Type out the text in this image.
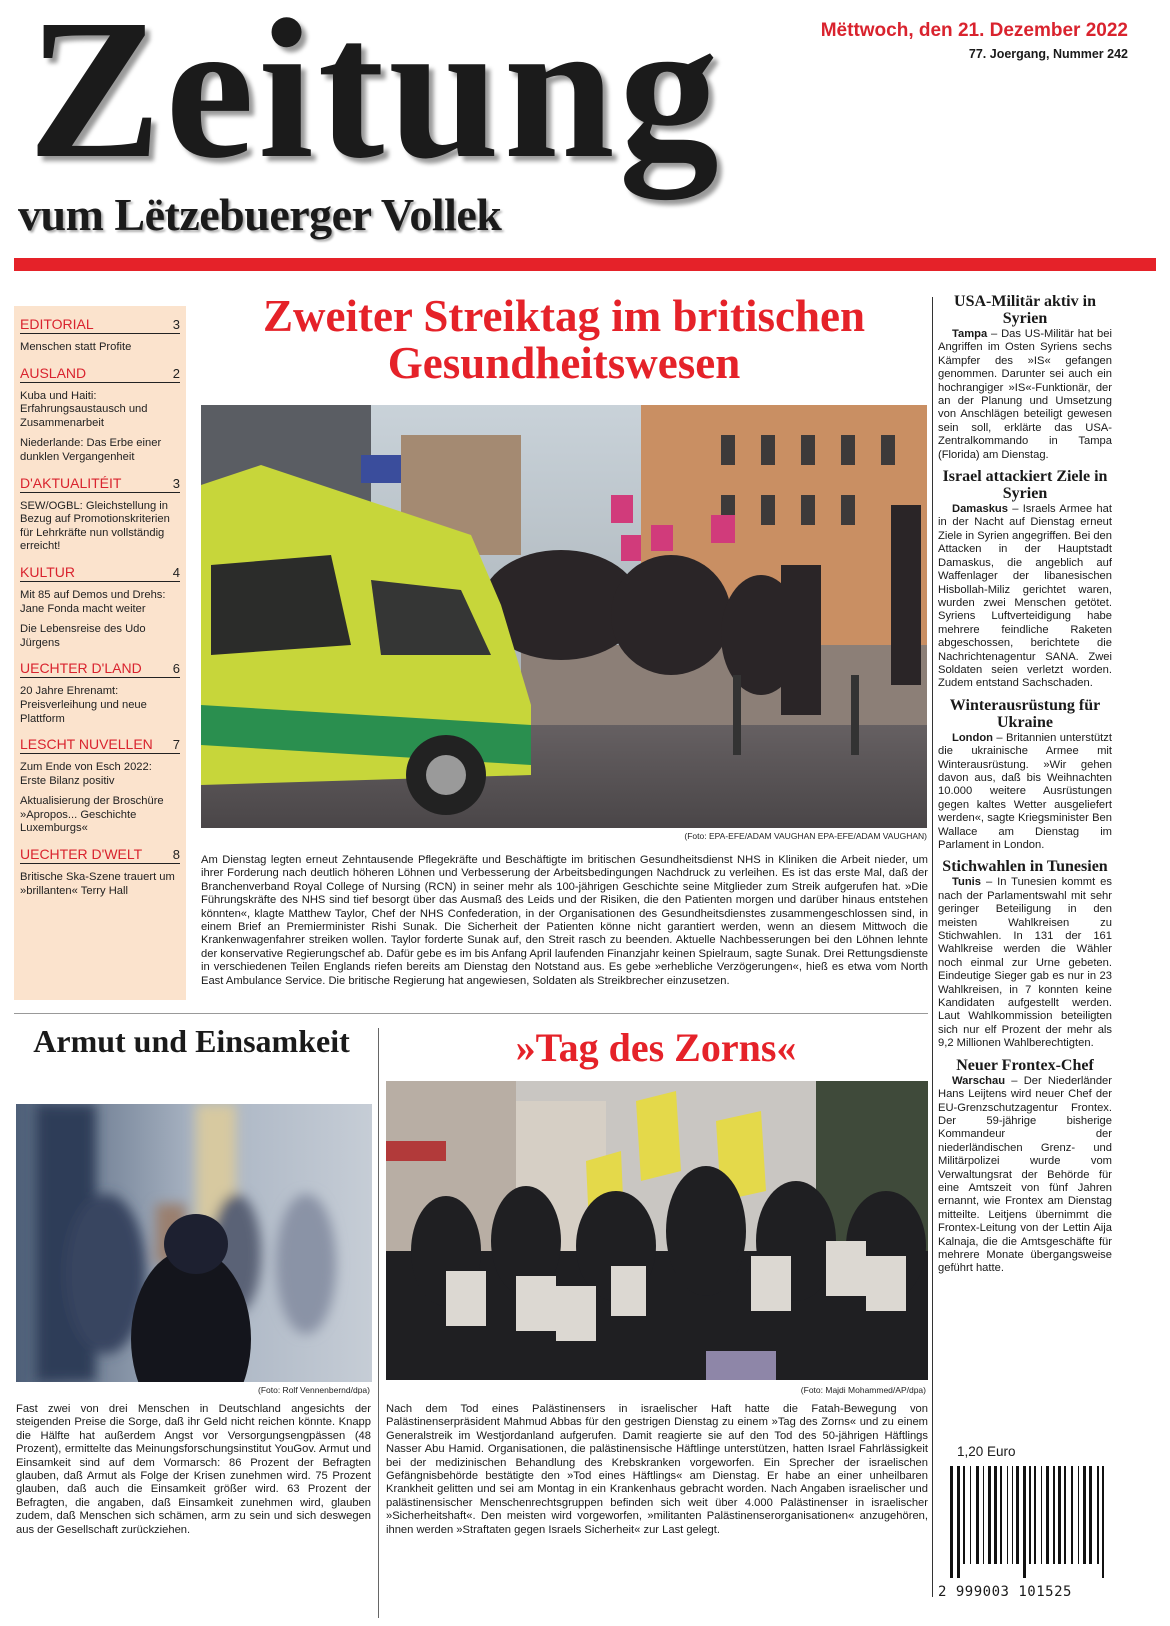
Zeitung
vum Lëtzebuerger Vollek
Mëttwoch, den 21. Dezember 2022
77. Joergang, Nummer 242
EDITORIAL	3
Menschen statt Profite
AUSLAND	2
Kuba und Haiti: Erfahrungsaustausch und Zusammenarbeit
Niederlande: Das Erbe einer dunklen Vergangenheit
D'AKTUALITÉIT	3
SEW/OGBL: Gleichstellung in Bezug auf Promotionskriterien für Lehrkräfte nun vollständig erreicht!
KULTUR	4
Mit 85 auf Demos und Drehs: Jane Fonda macht weiter
Die Lebensreise des Udo Jürgens
UECHTER D'LAND 6
20 Jahre Ehrenamt: Preisverleihung und neue Plattform
LESCHT NUVELLEN 7
Zum Ende von Esch 2022: Erste Bilanz positiv
Aktualisierung der Broschüre »Apropos... Geschichte Luxemburgs«
UECHTER D'WELT 8
Britische Ska-Szene trauert um »brillanten« Terry Hall
Zweiter Streiktag im britischen Gesundheitswesen
(Foto: EPA-EFE/ADAM VAUGHAN EPA-EFE/ADAM VAUGHAN)
Am Dienstag legten erneut Zehntausende Pflegekräfte und Beschäftigte im britischen Gesundheitsdienst NHS in Kliniken die Arbeit nieder, um ihrer Forderung nach deutlich höheren Löhnen und Verbesserung der Arbeitsbedingungen Nachdruck zu verleihen. Es ist das erste Mal, daß der Branchenverband Royal College of Nursing (RCN) in seiner mehr als 100-jährigen Geschichte seine Mitglieder zum Streik aufgerufen hat. »Die Führungskräfte des NHS sind tief besorgt über das Ausmaß des Leids und der Risiken, die den Patienten morgen und darüber hinaus entstehen könnten«, klagte Matthew Taylor, Chef der NHS Confederation, in der Organisationen des Gesundheitsdienstes zusammengeschlossen sind, in einem Brief an Premierminister Rishi Sunak. Die Sicherheit der Patienten könne nicht garantiert werden, wenn an diesem Mittwoch die Krankenwagenfahrer streiken wollen. Taylor forderte Sunak auf, den Streit rasch zu beenden. Aktuelle Nachbesserungen bei den Löhnen lehnte der konservative Regierungschef ab. Dafür gebe es im bis Anfang April laufenden Finanzjahr keinen Spielraum, sagte Sunak. Drei Rettungsdienste in verschiedenen Teilen Englands riefen bereits am Dienstag den Notstand aus. Es gebe »erhebliche Verzögerungen«, hieß es etwa vom North East Ambulance Service. Die britische Regierung hat angewiesen, Soldaten als Streikbrecher einzusetzen.
USA-Militär aktiv in Syrien
Tampa – Das US-Militär hat bei Angriffen im Osten Syriens sechs Kämpfer des »IS« gefangen genommen. Darunter sei auch ein hochrangiger »IS«-Funktionär, der an der Planung und Umsetzung von Anschlägen beteiligt gewesen sein soll, erklärte das USA-Zentralkommando in Tampa (Florida) am Dienstag.
Israel attackiert Ziele in Syrien
Damaskus – Israels Armee hat in der Nacht auf Dienstag erneut Ziele in Syrien angegriffen. Bei den Attacken in der Hauptstadt Damaskus, die angeblich auf Waffenlager der libanesischen Hisbollah-Miliz gerichtet waren, wurden zwei Menschen getötet. Syriens Luftverteidigung habe mehrere feindliche Raketen abgeschossen, berichtete die Nachrichtenagentur SANA. Zwei Soldaten seien verletzt worden. Zudem entstand Sachschaden.
Winterausrüstung für Ukraine
London – Britannien unterstützt die ukrainische Armee mit Winterausrüstung. »Wir gehen davon aus, daß bis Weihnachten 10.000 weitere Ausrüstungen gegen kaltes Wetter ausgeliefert werden«, sagte Kriegsminister Ben Wallace am Dienstag im Parlament in London.
Stichwahlen in Tunesien
Tunis – In Tunesien kommt es nach der Parlamentswahl mit sehr geringer Beteiligung in den meisten Wahlkreisen zu Stichwahlen. In 131 der 161 Wahlkreise werden die Wähler noch einmal zur Urne gebeten. Eindeutige Sieger gab es nur in 23 Wahlkreisen, in 7 konnten keine Kandidaten aufgestellt werden. Laut Wahlkommission beteiligten sich nur elf Prozent der mehr als 9,2 Millionen Wahlberechtigten.
Neuer Frontex-Chef
Warschau – Der Niederländer Hans Leijtens wird neuer Chef der EU-Grenzschutzagentur Frontex. Der 59-jährige bisherige Kommandeur der niederländischen Grenz- und Militärpolizei wurde vom Verwaltungsrat der Behörde für eine Amtszeit von fünf Jahren ernannt, wie Frontex am Dienstag mitteilte. Leitjens übernimmt die Frontex-Leitung von der Lettin Aija Kalnaja, die die Amtsgeschäfte für mehrere Monate übergangsweise geführt hatte.
1,20 Euro
2 999003 101525
Armut und Einsamkeit
(Foto: Rolf Vennenbernd/dpa)
Fast zwei von drei Menschen in Deutschland angesichts der steigenden Preise die Sorge, daß ihr Geld nicht reichen könnte. Knapp die Hälfte hat außerdem Angst vor Versorgungsengpässen (48 Prozent), ermittelte das Meinungsforschungsinstitut YouGov. Armut und Einsamkeit sind auf dem Vormarsch: 86 Prozent der Befragten glauben, daß Armut als Folge der Krisen zunehmen wird. 75 Prozent glauben, daß auch die Einsamkeit größer wird. 63 Prozent der Befragten, die angaben, daß Einsamkeit zunehmen wird, glauben zudem, daß Menschen sich schämen, arm zu sein und sich deswegen aus der Gesellschaft zurückziehen.
»Tag des Zorns«
(Foto: Majdi Mohammed/AP/dpa)
Nach dem Tod eines Palästinensers in israelischer Haft hatte die Fatah-Bewegung von Palästinenserpräsident Mahmud Abbas für den gestrigen Dienstag zu einem »Tag des Zorns« und zu einem Generalstreik im Westjordanland aufgerufen. Damit reagierte sie auf den Tod des 50-jährigen Häftlings Nasser Abu Hamid. Organisationen, die palästinensische Häftlinge unterstützen, hatten Israel Fahrlässigkeit bei der medizinischen Behandlung des Krebskranken vorgeworfen. Ein Sprecher der israelischen Gefängnisbehörde bestätigte den »Tod eines Häftlings« am Dienstag. Er habe an einer unheilbaren Krankheit gelitten und sei am Montag in ein Krankenhaus gebracht worden. Nach Angaben israelischer und palästinensischer Menschenrechtsgruppen befinden sich weit über 4.000 Palästinenser in israelischer »Sicherheitshaft«. Den meisten wird vorgeworfen, »militanten Palästinenserorganisationen« anzugehören, ihnen werden »Straftaten gegen Israels Sicherheit« zur Last gelegt.
